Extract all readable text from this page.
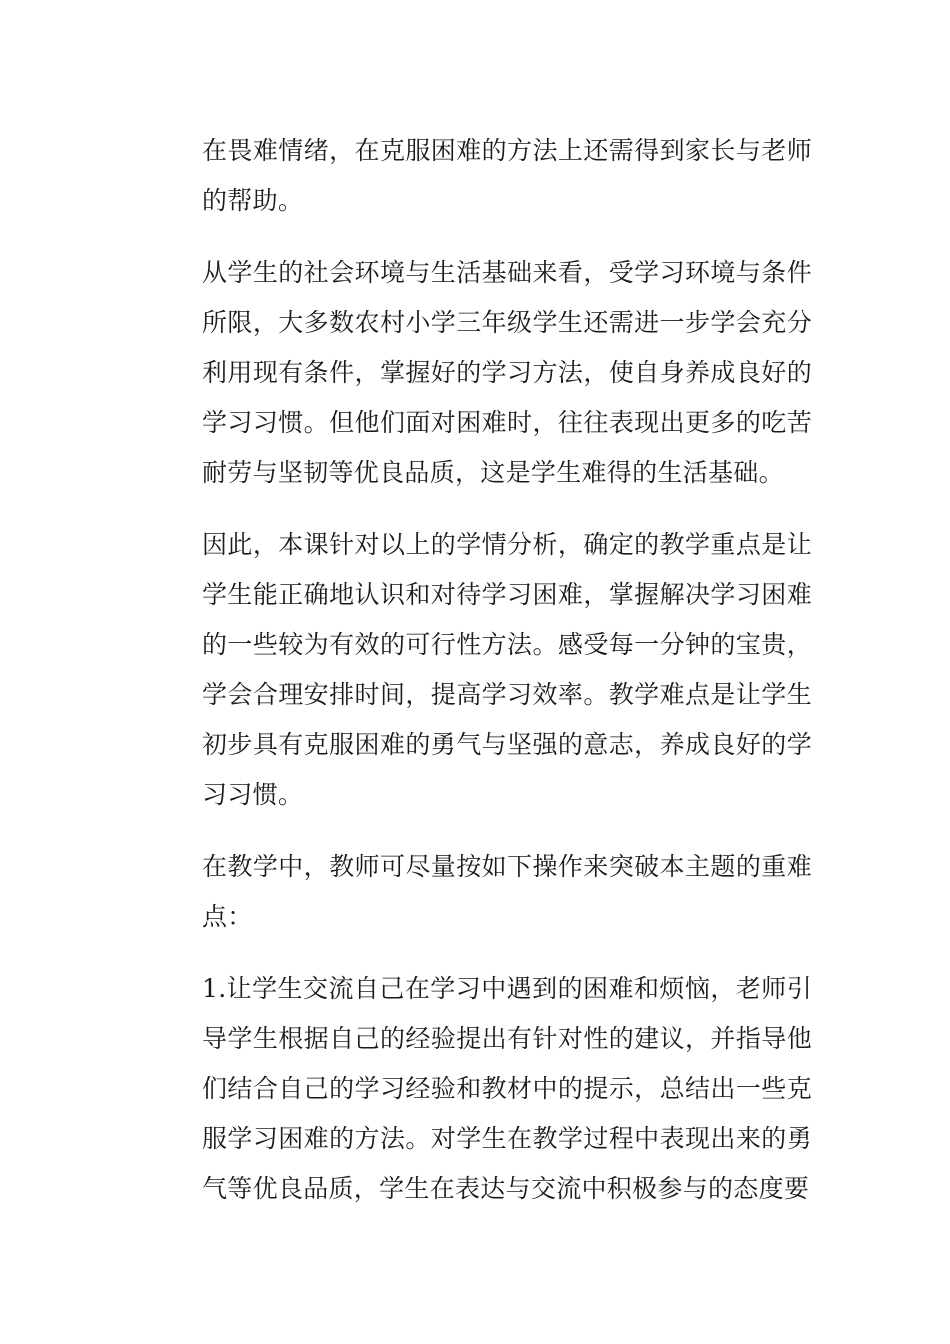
在畏难情绪，在克服困难的方法上还需得到家长与老师的帮助。

从学生的社会环境与生活基础来看，受学习环境与条件所限，大多数农村小学三年级学生还需进一步学会充分利用现有条件，掌握好的学习方法，使自身养成良好的学习习惯。但他们面对困难时，往往表现出更多的吃苦耐劳与坚韧等优良品质，这是学生难得的生活基础。

因此，本课针对以上的学情分析，确定的教学重点是让学生能正确地认识和对待学习困难，掌握解决学习困难的一些较为有效的可行性方法。感受每一分钟的宝贵，学会合理安排时间，提高学习效率。教学难点是让学生初步具有克服困难的勇气与坚强的意志，养成良好的学习习惯。

在教学中，教师可尽量按如下操作来突破本主题的重难点：

1.让学生交流自己在学习中遇到的困难和烦恼，老师引导学生根据自己的经验提出有针对性的建议，并指导他们结合自己的学习经验和教材中的提示，总结出一些克服学习困难的方法。对学生在教学过程中表现出来的勇气等优良品质，学生在表达与交流中积极参与的态度要
